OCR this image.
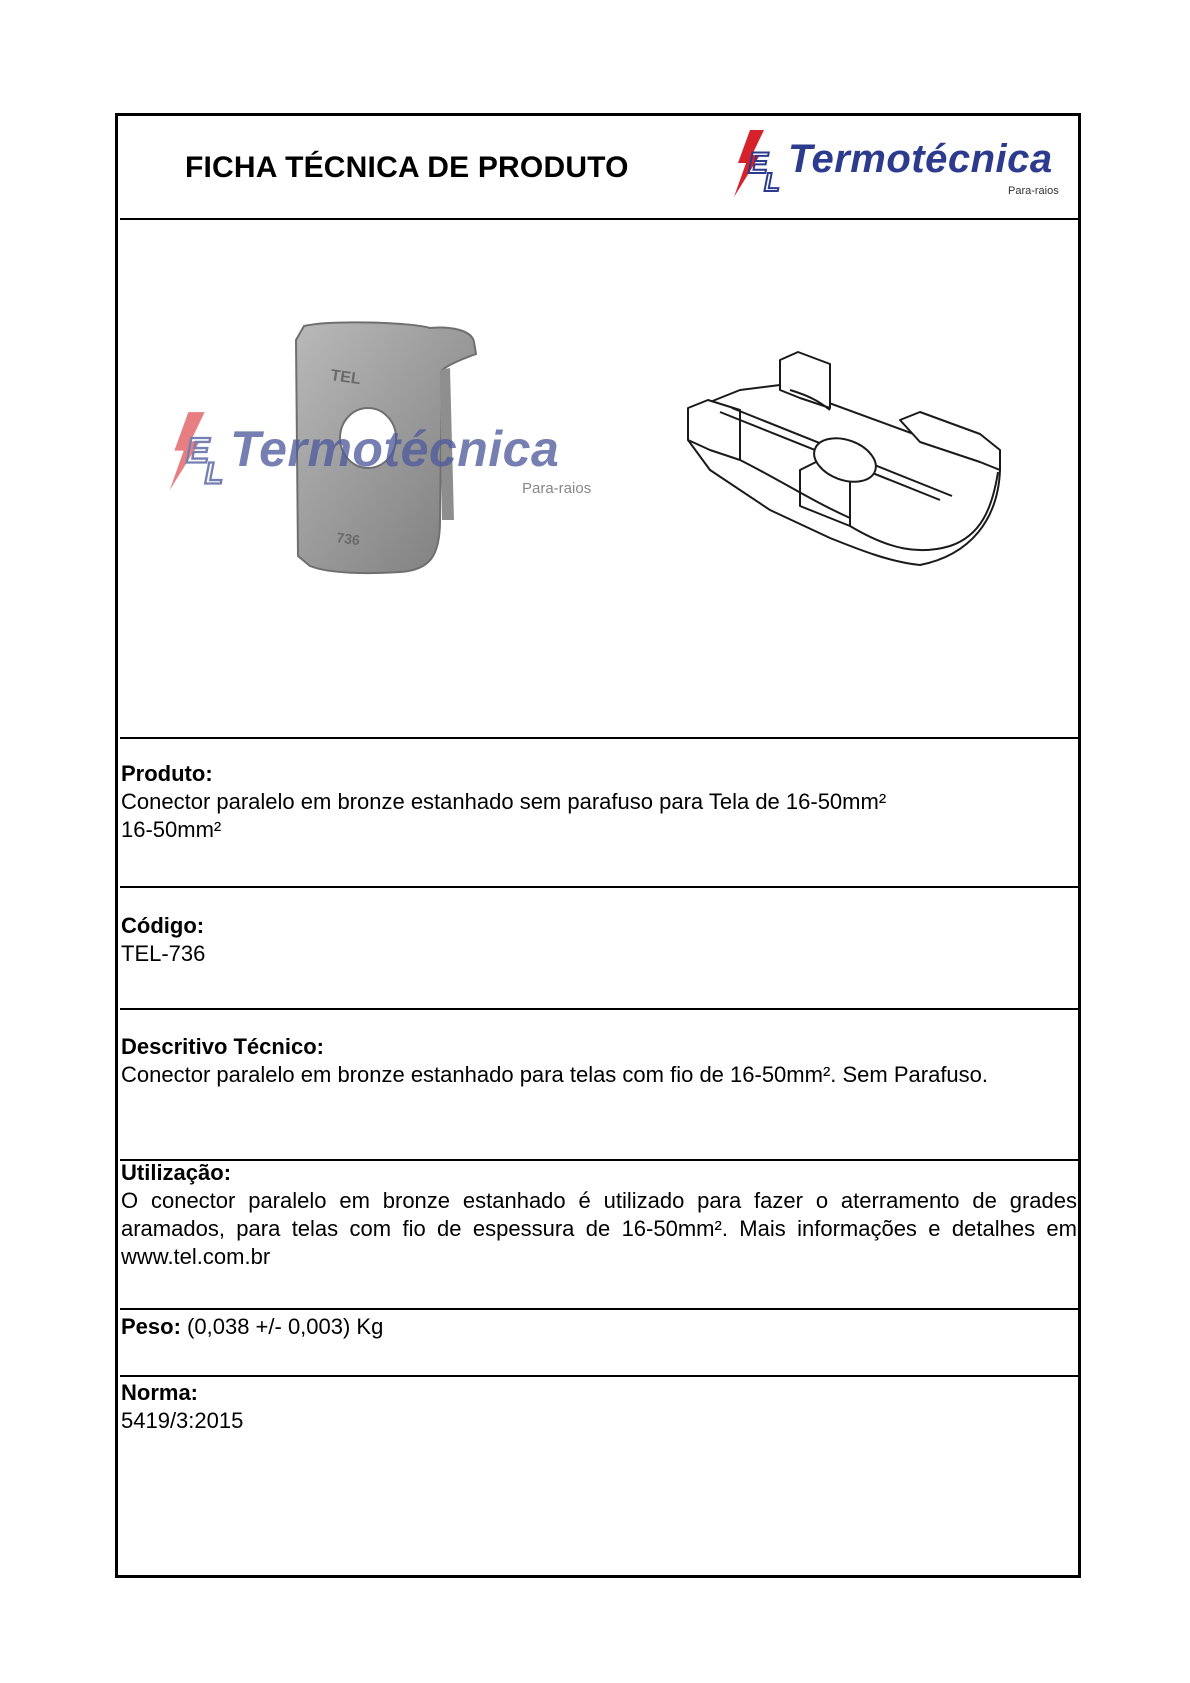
FICHA TÉCNICA DE PRODUTO	E
L
Termotécnica
Para-raios
TEL
736
E
L Termotécnica
Para-raios
Produto:
Conector paralelo em bronze estanhado sem parafuso para Tela de 16-50mm²
16-50mm²
Código:
TEL-736
Descritivo Técnico:
Conector paralelo em bronze estanhado para telas com fio de 16-50mm². Sem Parafuso.
Utilização:
O conector paralelo em bronze estanhado é utilizado para fazer o aterramento de grades aramados, para telas com fio de espessura de 16-50mm². Mais informações e detalhes em www.tel.com.br
Peso: (0,038 +/- 0,003) Kg
Norma:
5419/3:2015
